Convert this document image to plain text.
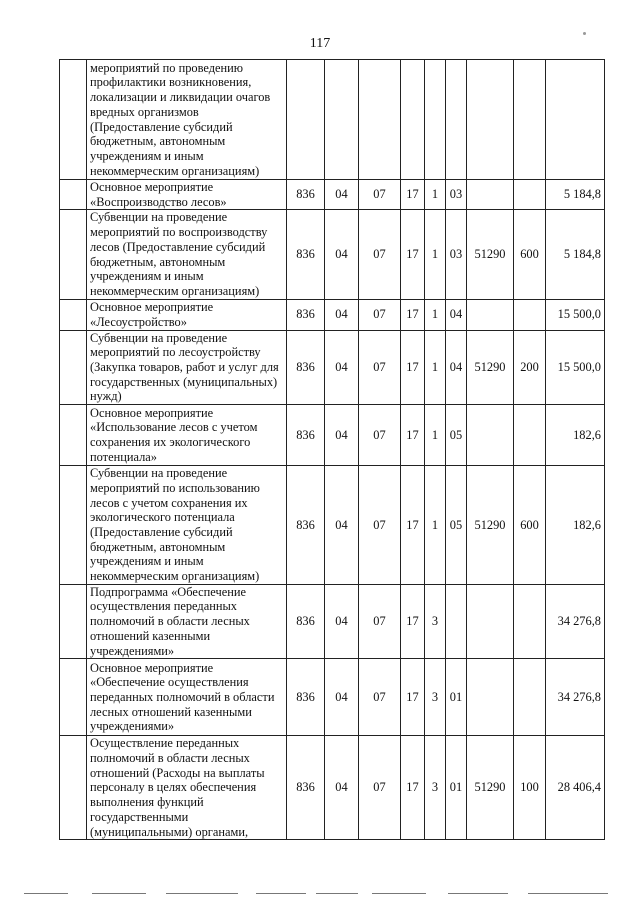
117
	мероприятий по проведению профилактики возникновения, локализации и ликвидации очагов вредных организмов (Предоставление субсидий бюджетным, автономным учреждениям и иным некоммерческим организациям)									
	Основное мероприятие «Воспроизводство лесов»	836	04	07	17	1	03			5 184,8
	Субвенции на проведение мероприятий по воспроизводству лесов (Предоставление субсидий бюджетным, автономным учреждениям и иным некоммерческим организациям)	836	04	07	17	1	03	51290	600	5 184,8
	Основное мероприятие «Лесоустройство»	836	04	07	17	1	04			15 500,0
	Субвенции на проведение мероприятий по лесоустройству (Закупка товаров, работ и услуг для государственных (муниципальных) нужд)	836	04	07	17	1	04	51290	200	15 500,0
	Основное мероприятие «Использование лесов с учетом сохранения их экологического потенциала»	836	04	07	17	1	05			182,6
	Субвенции на проведение мероприятий по использованию лесов с учетом сохранения их экологического потенциала (Предоставление субсидий бюджетным, автономным учреждениям и иным некоммерческим организациям)	836	04	07	17	1	05	51290	600	182,6
	Подпрограмма «Обеспечение осуществления переданных полномочий в области лесных отношений казенными учреждениями»	836	04	07	17	3				34 276,8
	Основное мероприятие «Обеспечение осуществления переданных полномочий в области лесных отношений казенными учреждениями»	836	04	07	17	3	01			34 276,8
	Осуществление переданных полномочий в области лесных отношений (Расходы на выплаты персоналу в целях обеспечения выполнения функций государственными (муниципальными) органами,	836	04	07	17	3	01	51290	100	28 406,4
